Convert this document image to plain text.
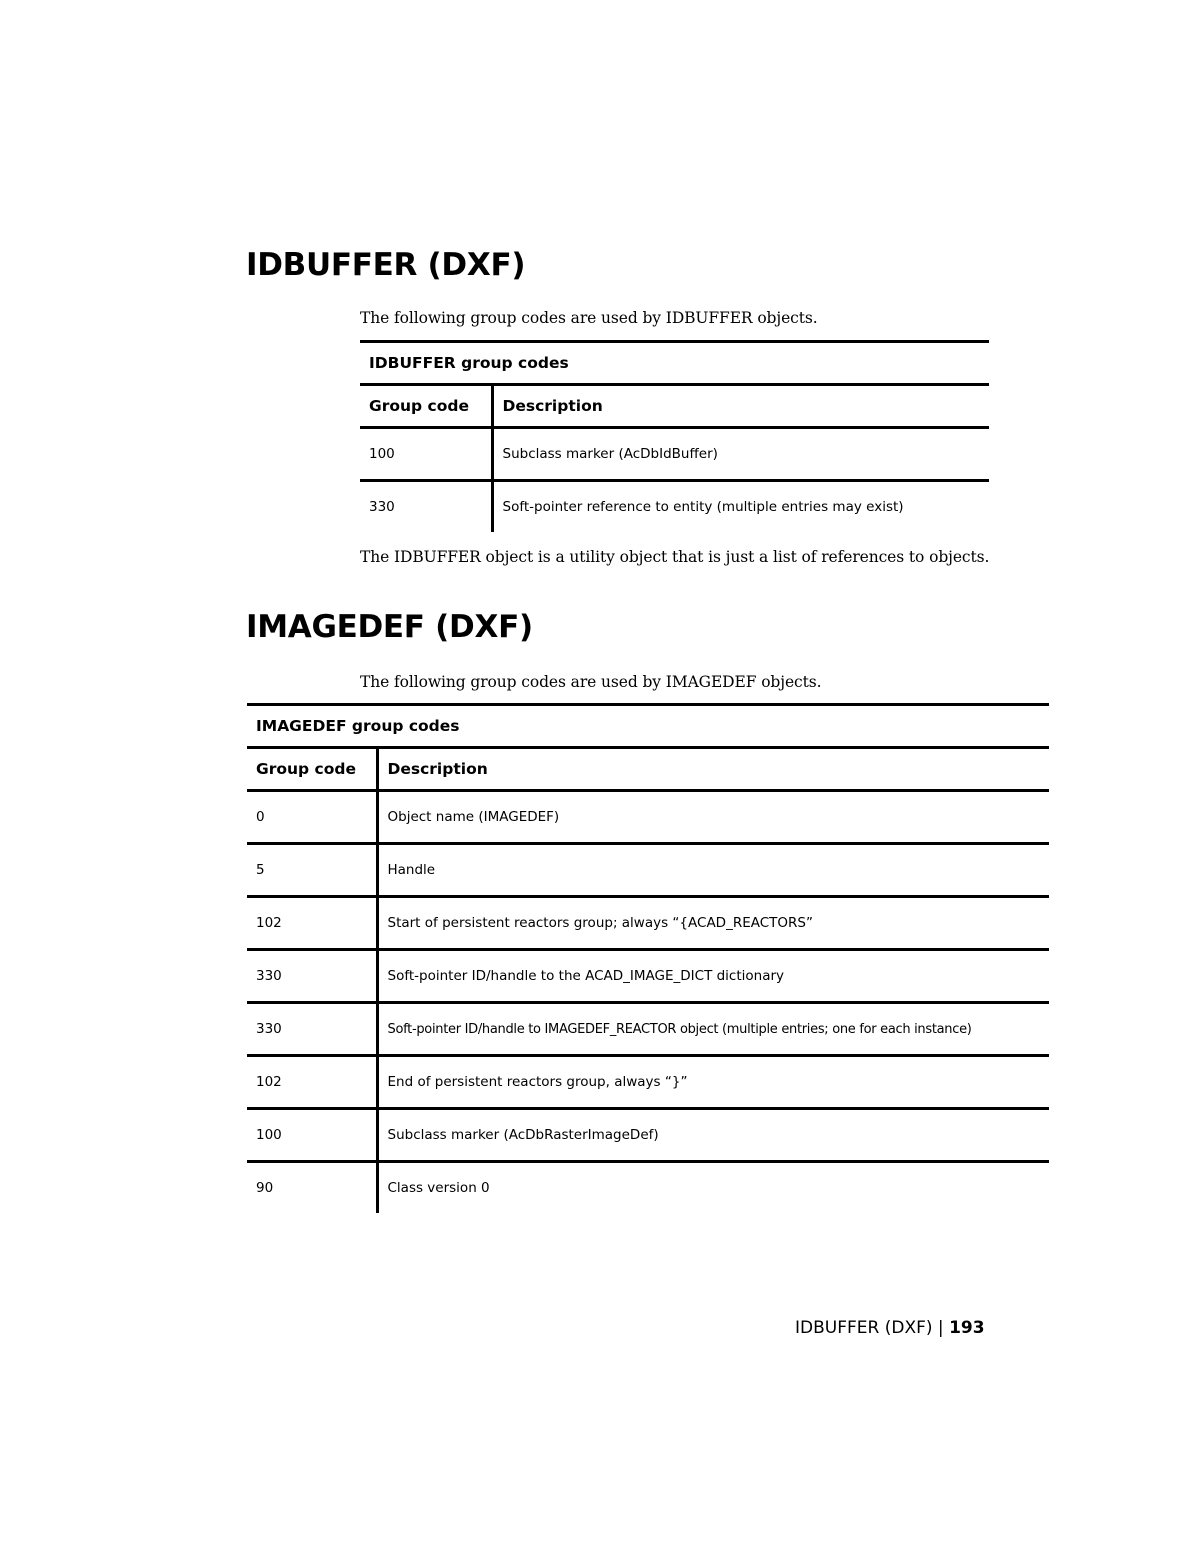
IDBUFFER (DXF)

The following group codes are used by IDBUFFER objects.

IDBUFFER group codes	
Group code	Description
100	Subclass marker (AcDbIdBuffer)
330	Soft-pointer reference to entity (multiple entries may exist)

The IDBUFFER object is a utility object that is just a list of references to objects.

IMAGEDEF (DXF)

The following group codes are used by IMAGEDEF objects.

IMAGEDEF group codes	
Group code	Description
0	Object name (IMAGEDEF)
5	Handle
102	Start of persistent reactors group; always “{ACAD_REACTORS”
330	Soft-pointer ID/handle to the ACAD_IMAGE_DICT dictionary
330	Soft-pointer ID/handle to IMAGEDEF_REACTOR object (multiple entries; one for each instance)
102	End of persistent reactors group, always “}”
100	Subclass marker (AcDbRasterImageDef)
90	Class version 0
IDBUFFER (DXF) | 193
